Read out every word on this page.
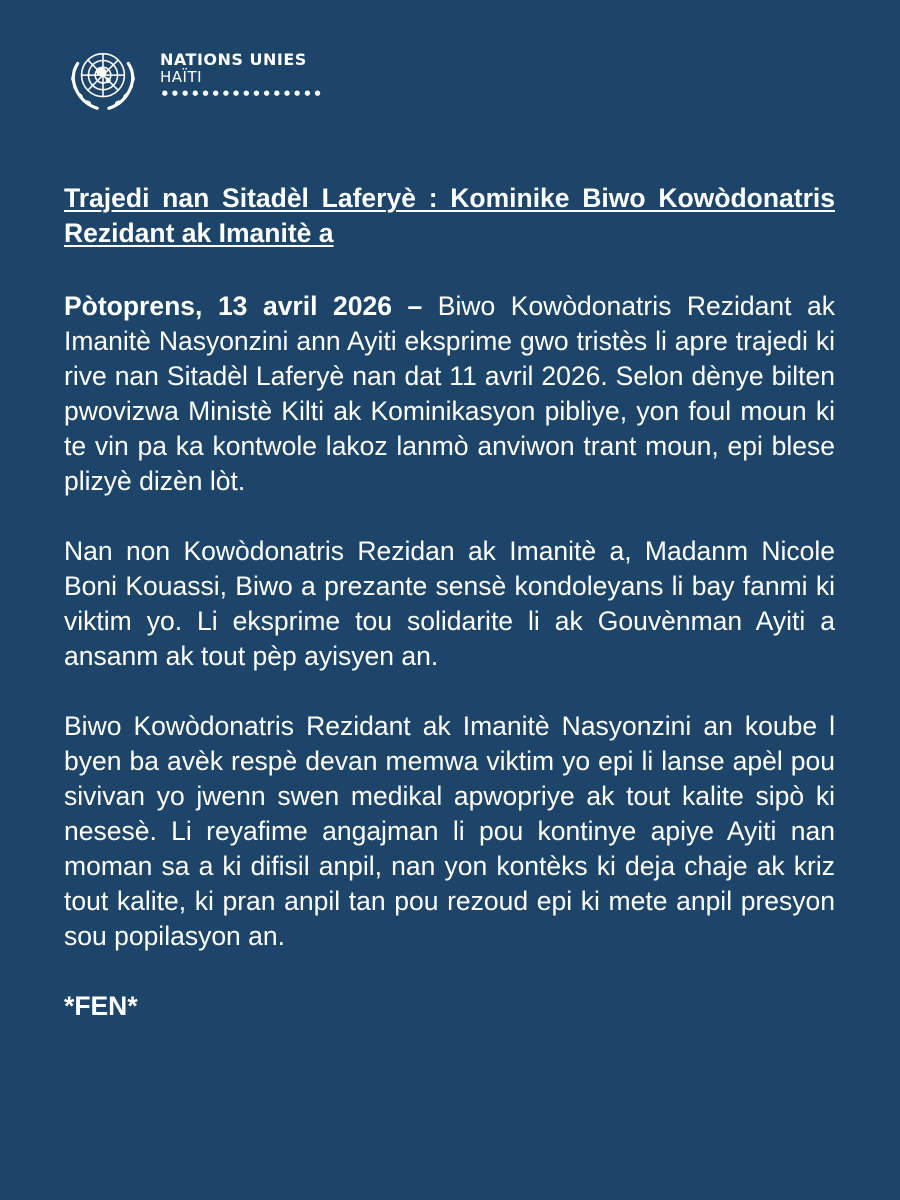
NATIONS UNIES
HAÏTI
••••••••••••••••
Trajedi nan Sitadèl Laferyè : Kominike Biwo Kowòdonatris Rezidant ak Imanitè a

Pòtoprens, 13 avril 2026 – Biwo Kowòdonatris Rezidant ak Imanitè Nasyonzini ann Ayiti eksprime gwo tristès li apre trajedi ki rive nan Sitadèl Laferyè nan dat 11 avril 2026. Selon dènye bilten pwovizwa Ministè Kilti ak Kominikasyon pibliye, yon foul moun ki te vin pa ka kontwole lakoz lanmò anviwon trant moun, epi blese plizyè dizèn lòt.

Nan non Kowòdonatris Rezidan ak Imanitè a, Madanm Nicole Boni Kouassi, Biwo a prezante sensè kondoleyans li bay fanmi ki viktim yo. Li eksprime tou solidarite li ak Gouvènman Ayiti a ansanm ak tout pèp ayisyen an.

Biwo Kowòdonatris Rezidant ak Imanitè Nasyonzini an koube l byen ba avèk respè devan memwa viktim yo epi li lanse apèl pou sivivan yo jwenn swen medikal apwopriye ak tout kalite sipò ki nesesè. Li reyafime angajman li pou kontinye apiye Ayiti nan moman sa a ki difisil anpil, nan yon kontèks ki deja chaje ak kriz tout kalite, ki pran anpil tan pou rezoud epi ki mete anpil presyon sou popilasyon an.

*FEN*
